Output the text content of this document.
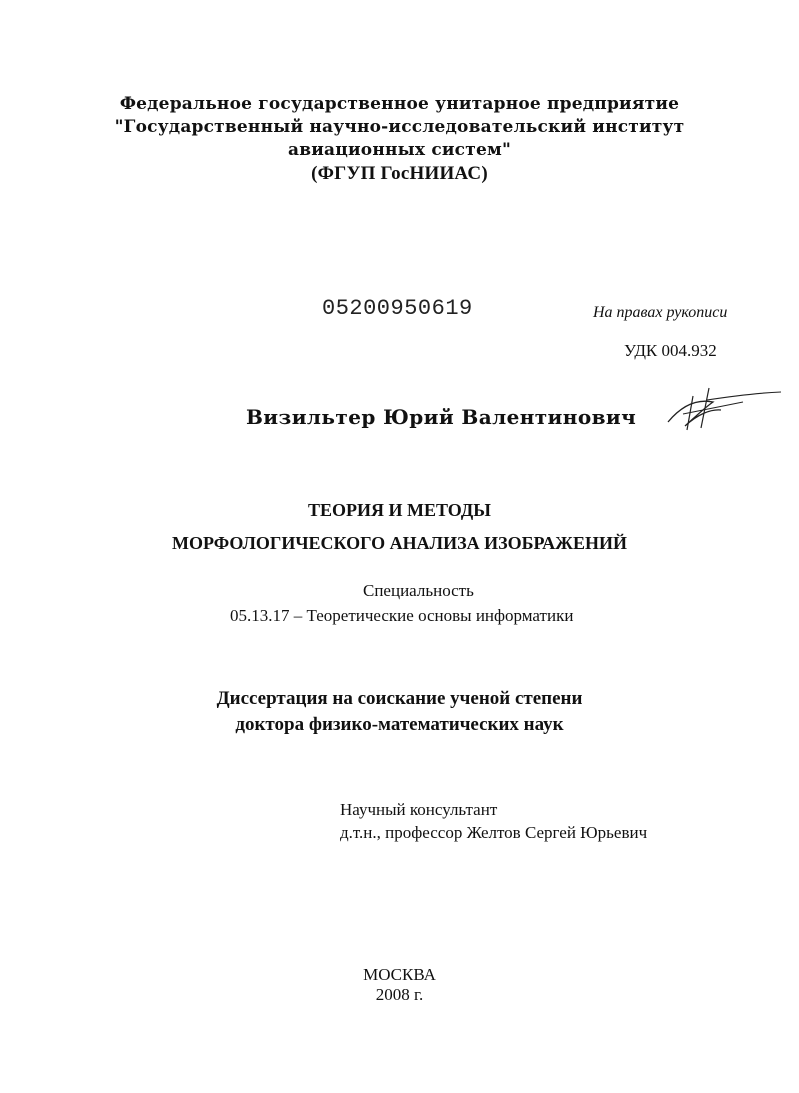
Федеральное государственное унитарное предприятие
"Государственный научно-исследовательский институт
авиационных систем"
(ФГУП ГосНИИАС)
05200950619	На правах рукописи
УДК 004.932
Визильтер Юрий Валентинович
ТЕОРИЯ И МЕТОДЫ
МОРФОЛОГИЧЕСКОГО АНАЛИЗА ИЗОБРАЖЕНИЙ
Специальность
05.13.17 – Теоретические основы информатики
Диссертация на соискание ученой степени
доктора физико-математических наук
Научный консультант
д.т.н., профессор Желтов Сергей Юрьевич
МОСКВА
2008 г.
